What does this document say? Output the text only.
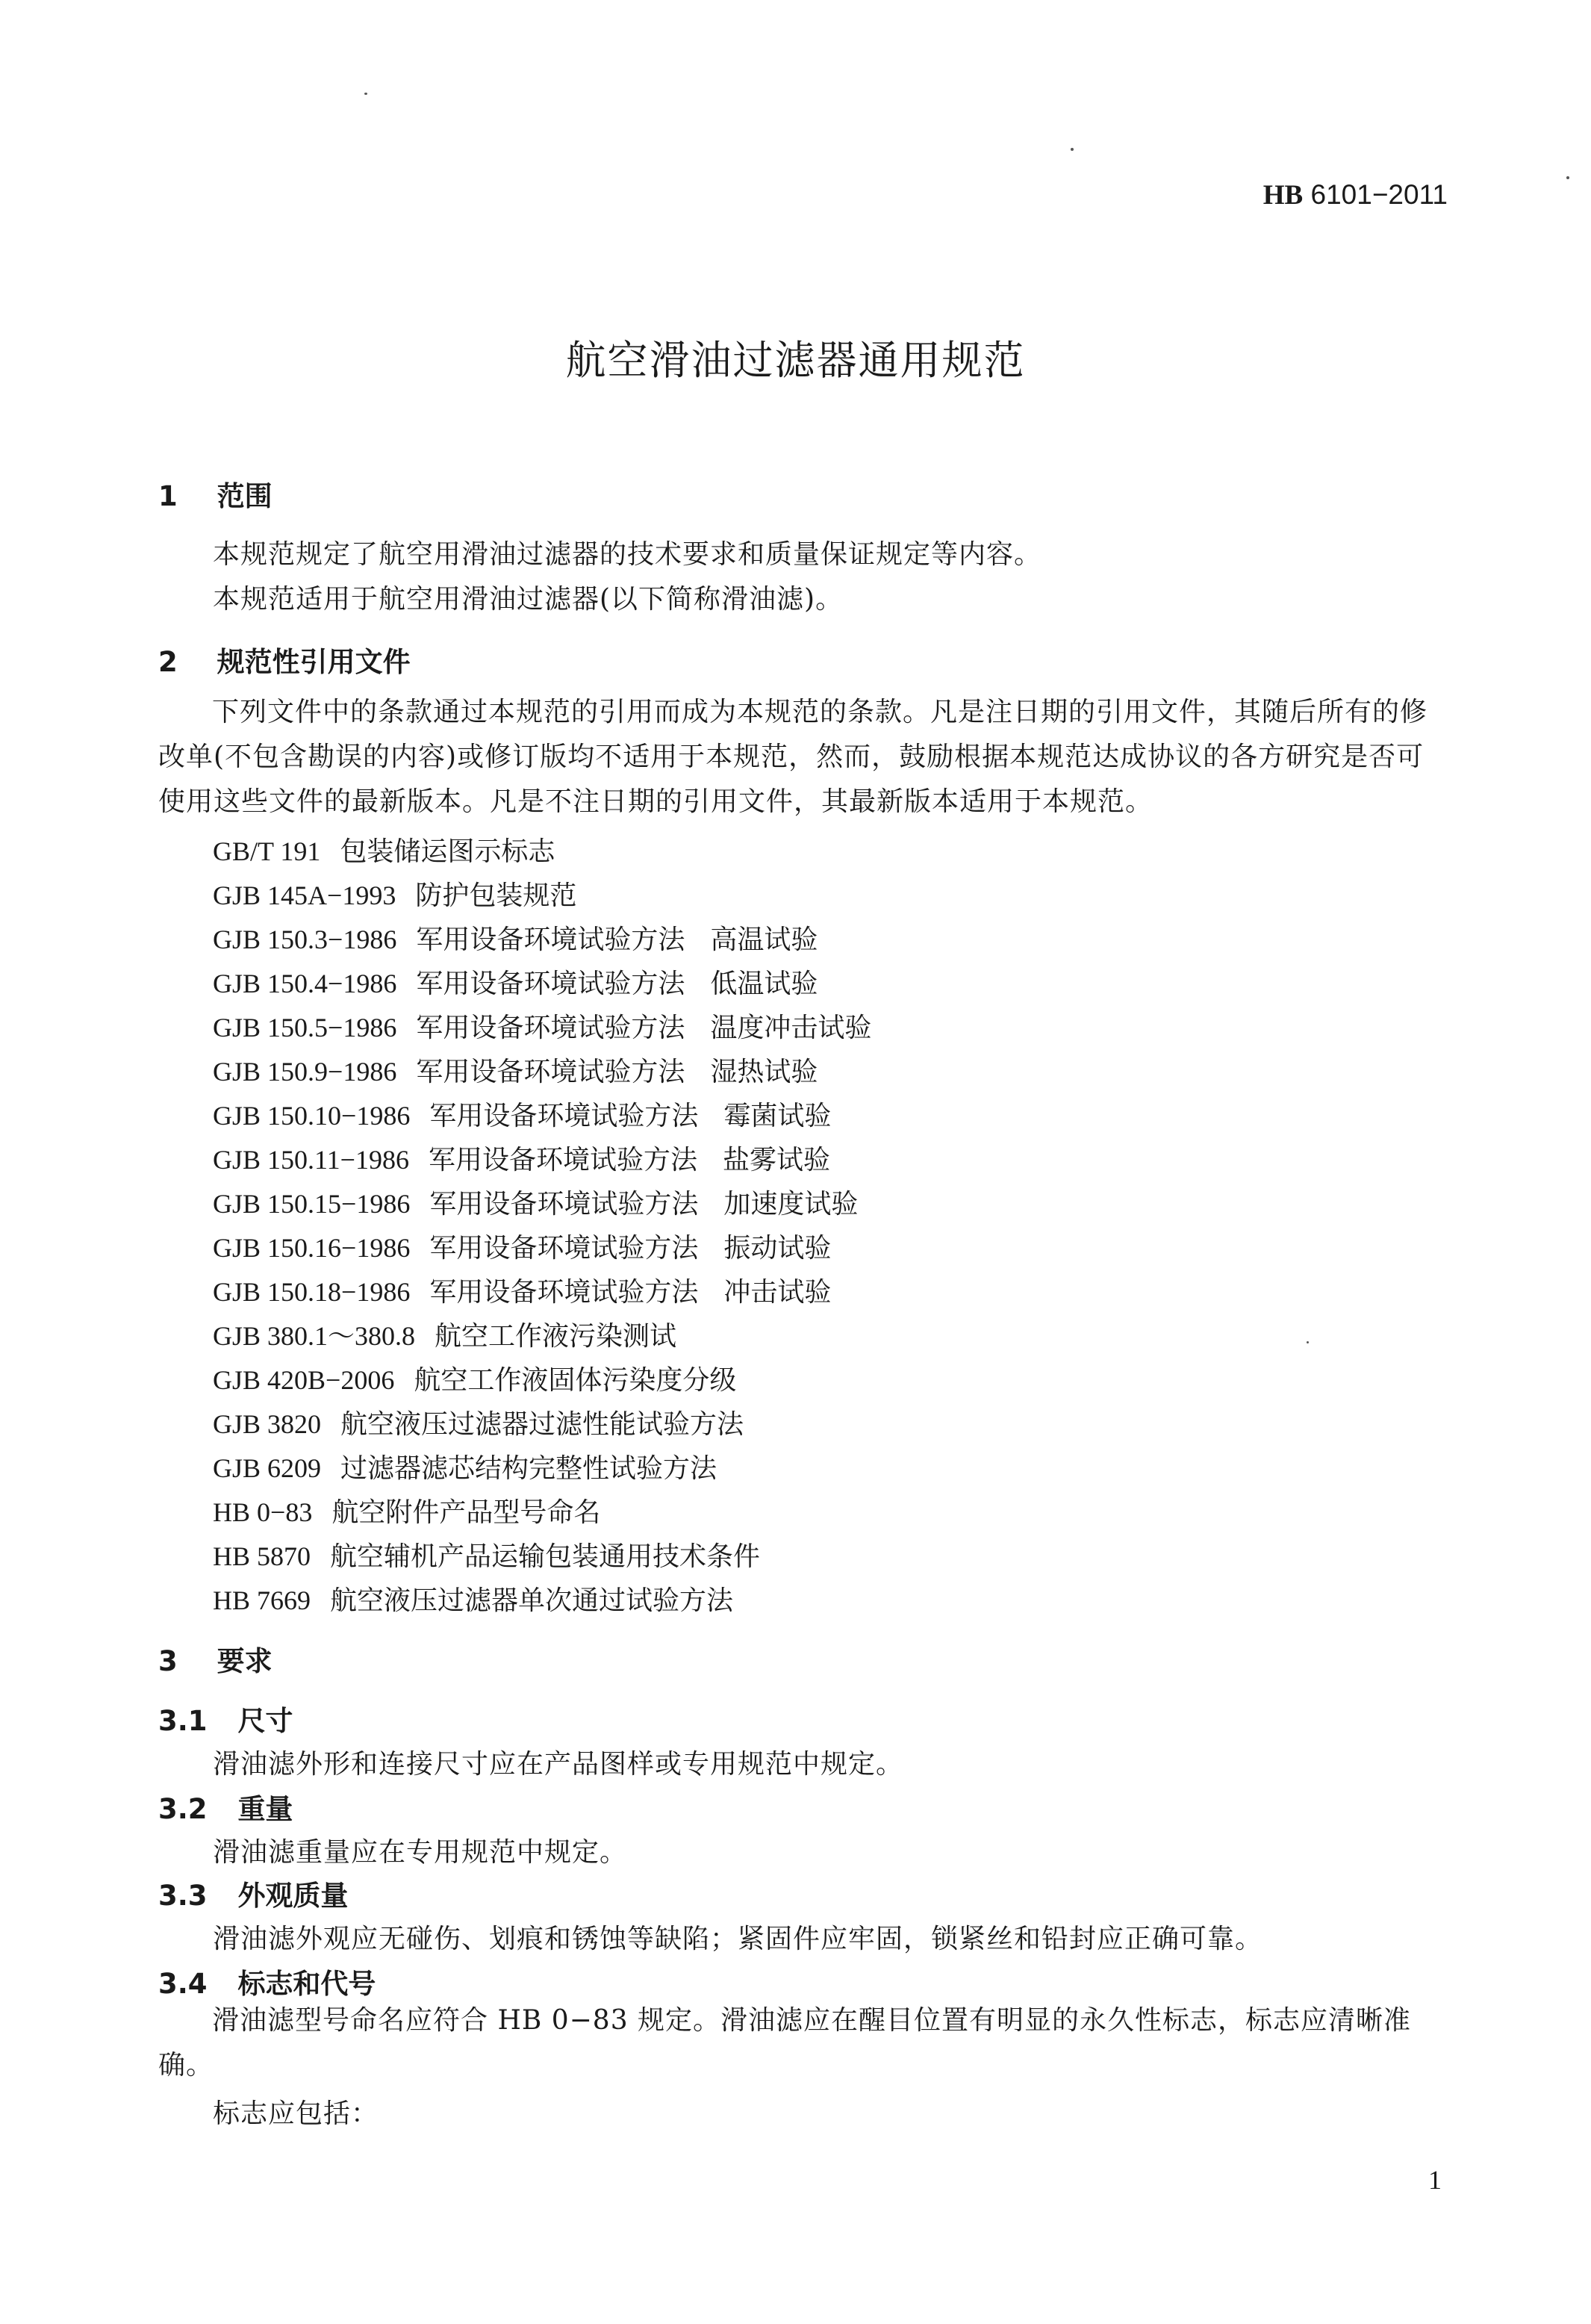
HB 6101−2011
航空滑油过滤器通用规范
1 范围
本规范规定了航空用滑油过滤器的技术要求和质量保证规定等内容。
本规范适用于航空用滑油过滤器(以下简称滑油滤)。
2 规范性引用文件
下列文件中的条款通过本规范的引用而成为本规范的条款。凡是注日期的引用文件，其随后所有的修改单(不包含勘误的内容)或修订版均不适用于本规范，然而，鼓励根据本规范达成协议的各方研究是否可使用这些文件的最新版本。凡是不注日期的引用文件，其最新版本适用于本规范。
GB/T 191 包装储运图示标志
GJB 145A−1993 防护包装规范
GJB 150.3−1986 军用设备环境试验方法 高温试验
GJB 150.4−1986 军用设备环境试验方法 低温试验
GJB 150.5−1986 军用设备环境试验方法 温度冲击试验
GJB 150.9−1986 军用设备环境试验方法 湿热试验
GJB 150.10−1986 军用设备环境试验方法 霉菌试验
GJB 150.11−1986 军用设备环境试验方法 盐雾试验
GJB 150.15−1986 军用设备环境试验方法 加速度试验
GJB 150.16−1986 军用设备环境试验方法 振动试验
GJB 150.18−1986 军用设备环境试验方法 冲击试验
GJB 380.1～380.8 航空工作液污染测试
GJB 420B−2006 航空工作液固体污染度分级
GJB 3820 航空液压过滤器过滤性能试验方法
GJB 6209 过滤器滤芯结构完整性试验方法
HB 0−83 航空附件产品型号命名
HB 5870 航空辅机产品运输包装通用技术条件
HB 7669 航空液压过滤器单次通过试验方法
3 要求
3.1 尺寸
滑油滤外形和连接尺寸应在产品图样或专用规范中规定。
3.2 重量
滑油滤重量应在专用规范中规定。
3.3 外观质量
滑油滤外观应无碰伤、划痕和锈蚀等缺陷；紧固件应牢固，锁紧丝和铅封应正确可靠。
3.4 标志和代号
滑油滤型号命名应符合 HB 0−83 规定。滑油滤应在醒目位置有明显的永久性标志，标志应清晰准确。
标志应包括：
1
